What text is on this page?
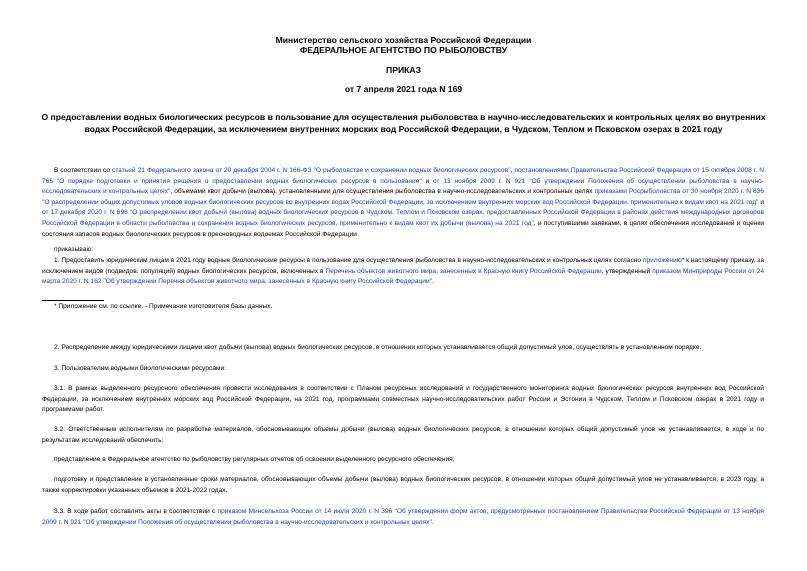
Министерство сельского хозяйства Российской Федерации
ФЕДЕРАЛЬНОЕ АГЕНТСТВО ПО РЫБОЛОВСТВУ
ПРИКАЗ
от 7 апреля 2021 года N 169
О предоставлении водных биологических ресурсов в пользование для осуществления рыболовства в научно-исследовательских и контрольных целях во внутренних водах Российской Федерации, за исключением внутренних морских вод Российской Федерации, в Чудском, Теплом и Псковском озерах в 2021 году
В соответствии со статьей 21 Федерального закона от 20 декабря 2004 г. N 166-ФЗ "О рыболовстве и сохранении водных биологических ресурсов", постановлениями Правительства Российской Федерации от 15 октября 2008 г. N 765 "О порядке подготовки и принятия решения о предоставлении водных биологических ресурсов в пользование" и от 13 ноября 2009 г. N 921 "Об утверждении Положения об осуществлении рыболовства в научно-исследовательских и контрольных целях", объемами квот добычи (вылова), установленными для осуществления рыболовства в научно-исследовательских и контрольных целях приказами Росрыболовства от 30 ноября 2020 г. N 636 "О распределении общих допустимых уловов водных биологических ресурсов во внутренних водах Российской Федерации, за исключением внутренних морских вод Российской Федерации, применительно к видам квот на 2021 год" и от 17 декабря 2020 г. N 698 "О распределении квот добычи (вылова) водных биологических ресурсов в Чудском, Теплом и Псковском озерах, предоставленных Российской Федерации в районах действия международных договоров Российской Федерации в области рыболовства и сохранения водных биологических ресурсов, применительно к видам квот их добычи (вылова) на 2021 год", и поступившими заявками, в целях обеспечения исследований и оценки состояния запасов водных биологических ресурсов в пресноводных водоемах Российской Федерации
приказываю:
1. Предоставить юридическим лицам в 2021 году водные биологические ресурсы в пользование для осуществления рыболовства в научно-исследовательских и контрольных целях согласно приложению* к настоящему приказу, за исключением видов (подвидов, популяций) водных биологических ресурсов, включенных в Перечень объектов животного мира, занесенных в Красную книгу Российской Федерации, утвержденный приказом Минприроды России от 24 марта 2020 г. N 162 "Об утверждении Перечня объектов животного мира, занесенных в Красную книгу Российской Федерации".
* Приложение см. по ссылке. - Примечание изготовителя базы данных.
2. Распределение между юридическими лицами квот добычи (вылова) водных биологических ресурсов, в отношении которых устанавливается общий допустимый улов, осуществлять в установленном порядке.
3. Пользователям водными биологическими ресурсами:
3.1. В рамках выделенного ресурсного обеспечения провести исследования в соответствии с Планом ресурсных исследований и государственного мониторинга водных биологических ресурсов внутренних вод Российской Федерации, за исключением внутренних морских вод Российской Федерации, на 2021 год, программами совместных научно-исследовательских работ России и Эстонии в Чудском, Теплом и Псковском озерах в 2021 году и программами работ.
3.2. Ответственным исполнителям по разработке материалов, обосновывающих объемы добычи (вылова) водных биологических ресурсов, в отношении которых общий допустимый улов не устанавливается, в ходе и по результатам исследований обеспечить:
представление в Федеральное агентство по рыболовству регулярных отчетов об освоении выделенного ресурсного обеспечения;
подготовку и представление в установленные сроки материалов, обосновывающих объемы добычи (вылова) водных биологических ресурсов, в отношении которых общий допустимый улов не устанавливается, в 2023 году, а также корректировки указанных объемов в 2021-2022 годах.
3.3. В ходе работ составлять акты в соответствии с приказом Минсельхоза России от 14 июля 2020 г. N 396 "Об утверждении форм актов, предусмотренных постановлением Правительства Российской Федерации от 13 ноября 2009 г. N 921 "Об утверждении Положения об осуществлении рыболовства в научно-исследовательских и контрольных целях".
